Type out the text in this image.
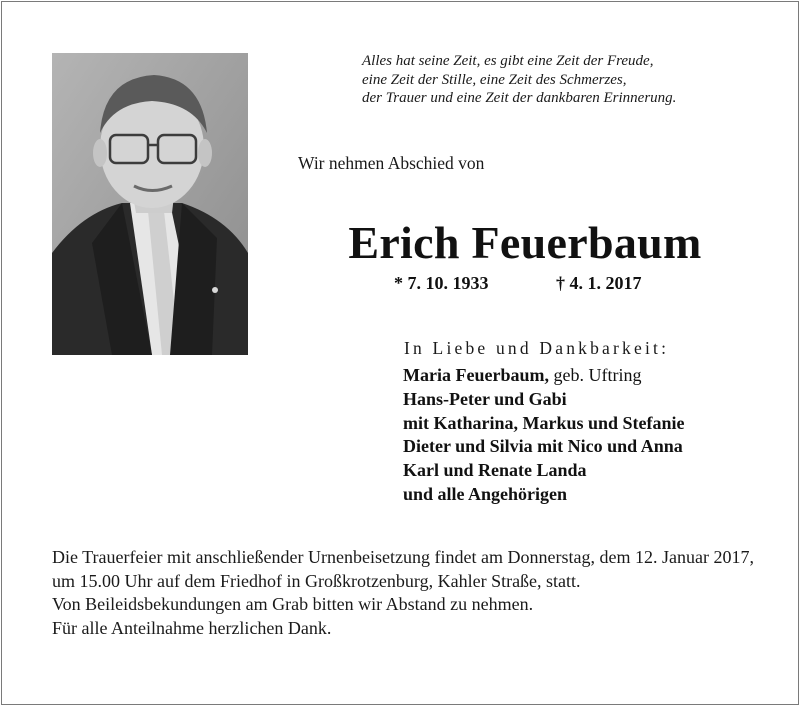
Alles hat seine Zeit, es gibt eine Zeit der Freude,
eine Zeit der Stille, eine Zeit des Schmerzes,
der Trauer und eine Zeit der dankbaren Erinnerung.
Wir nehmen Abschied von
Erich Feuerbaum
* 7. 10. 1933	† 4. 1. 2017
In Liebe und Dankbarkeit:
Maria Feuerbaum, geb. Uftring
Hans-Peter und Gabi
mit Katharina, Markus und Stefanie
Dieter und Silvia mit Nico und Anna
Karl und Renate Landa
und alle Angehörigen

Die Trauerfeier mit anschließender Urnenbeisetzung findet am Donnerstag, dem 12. Januar 2017, um 15.00 Uhr auf dem Friedhof in Großkrotzenburg, Kahler Straße, statt.

Von Beileidsbekundungen am Grab bitten wir Abstand zu nehmen.

Für alle Anteilnahme herzlichen Dank.
